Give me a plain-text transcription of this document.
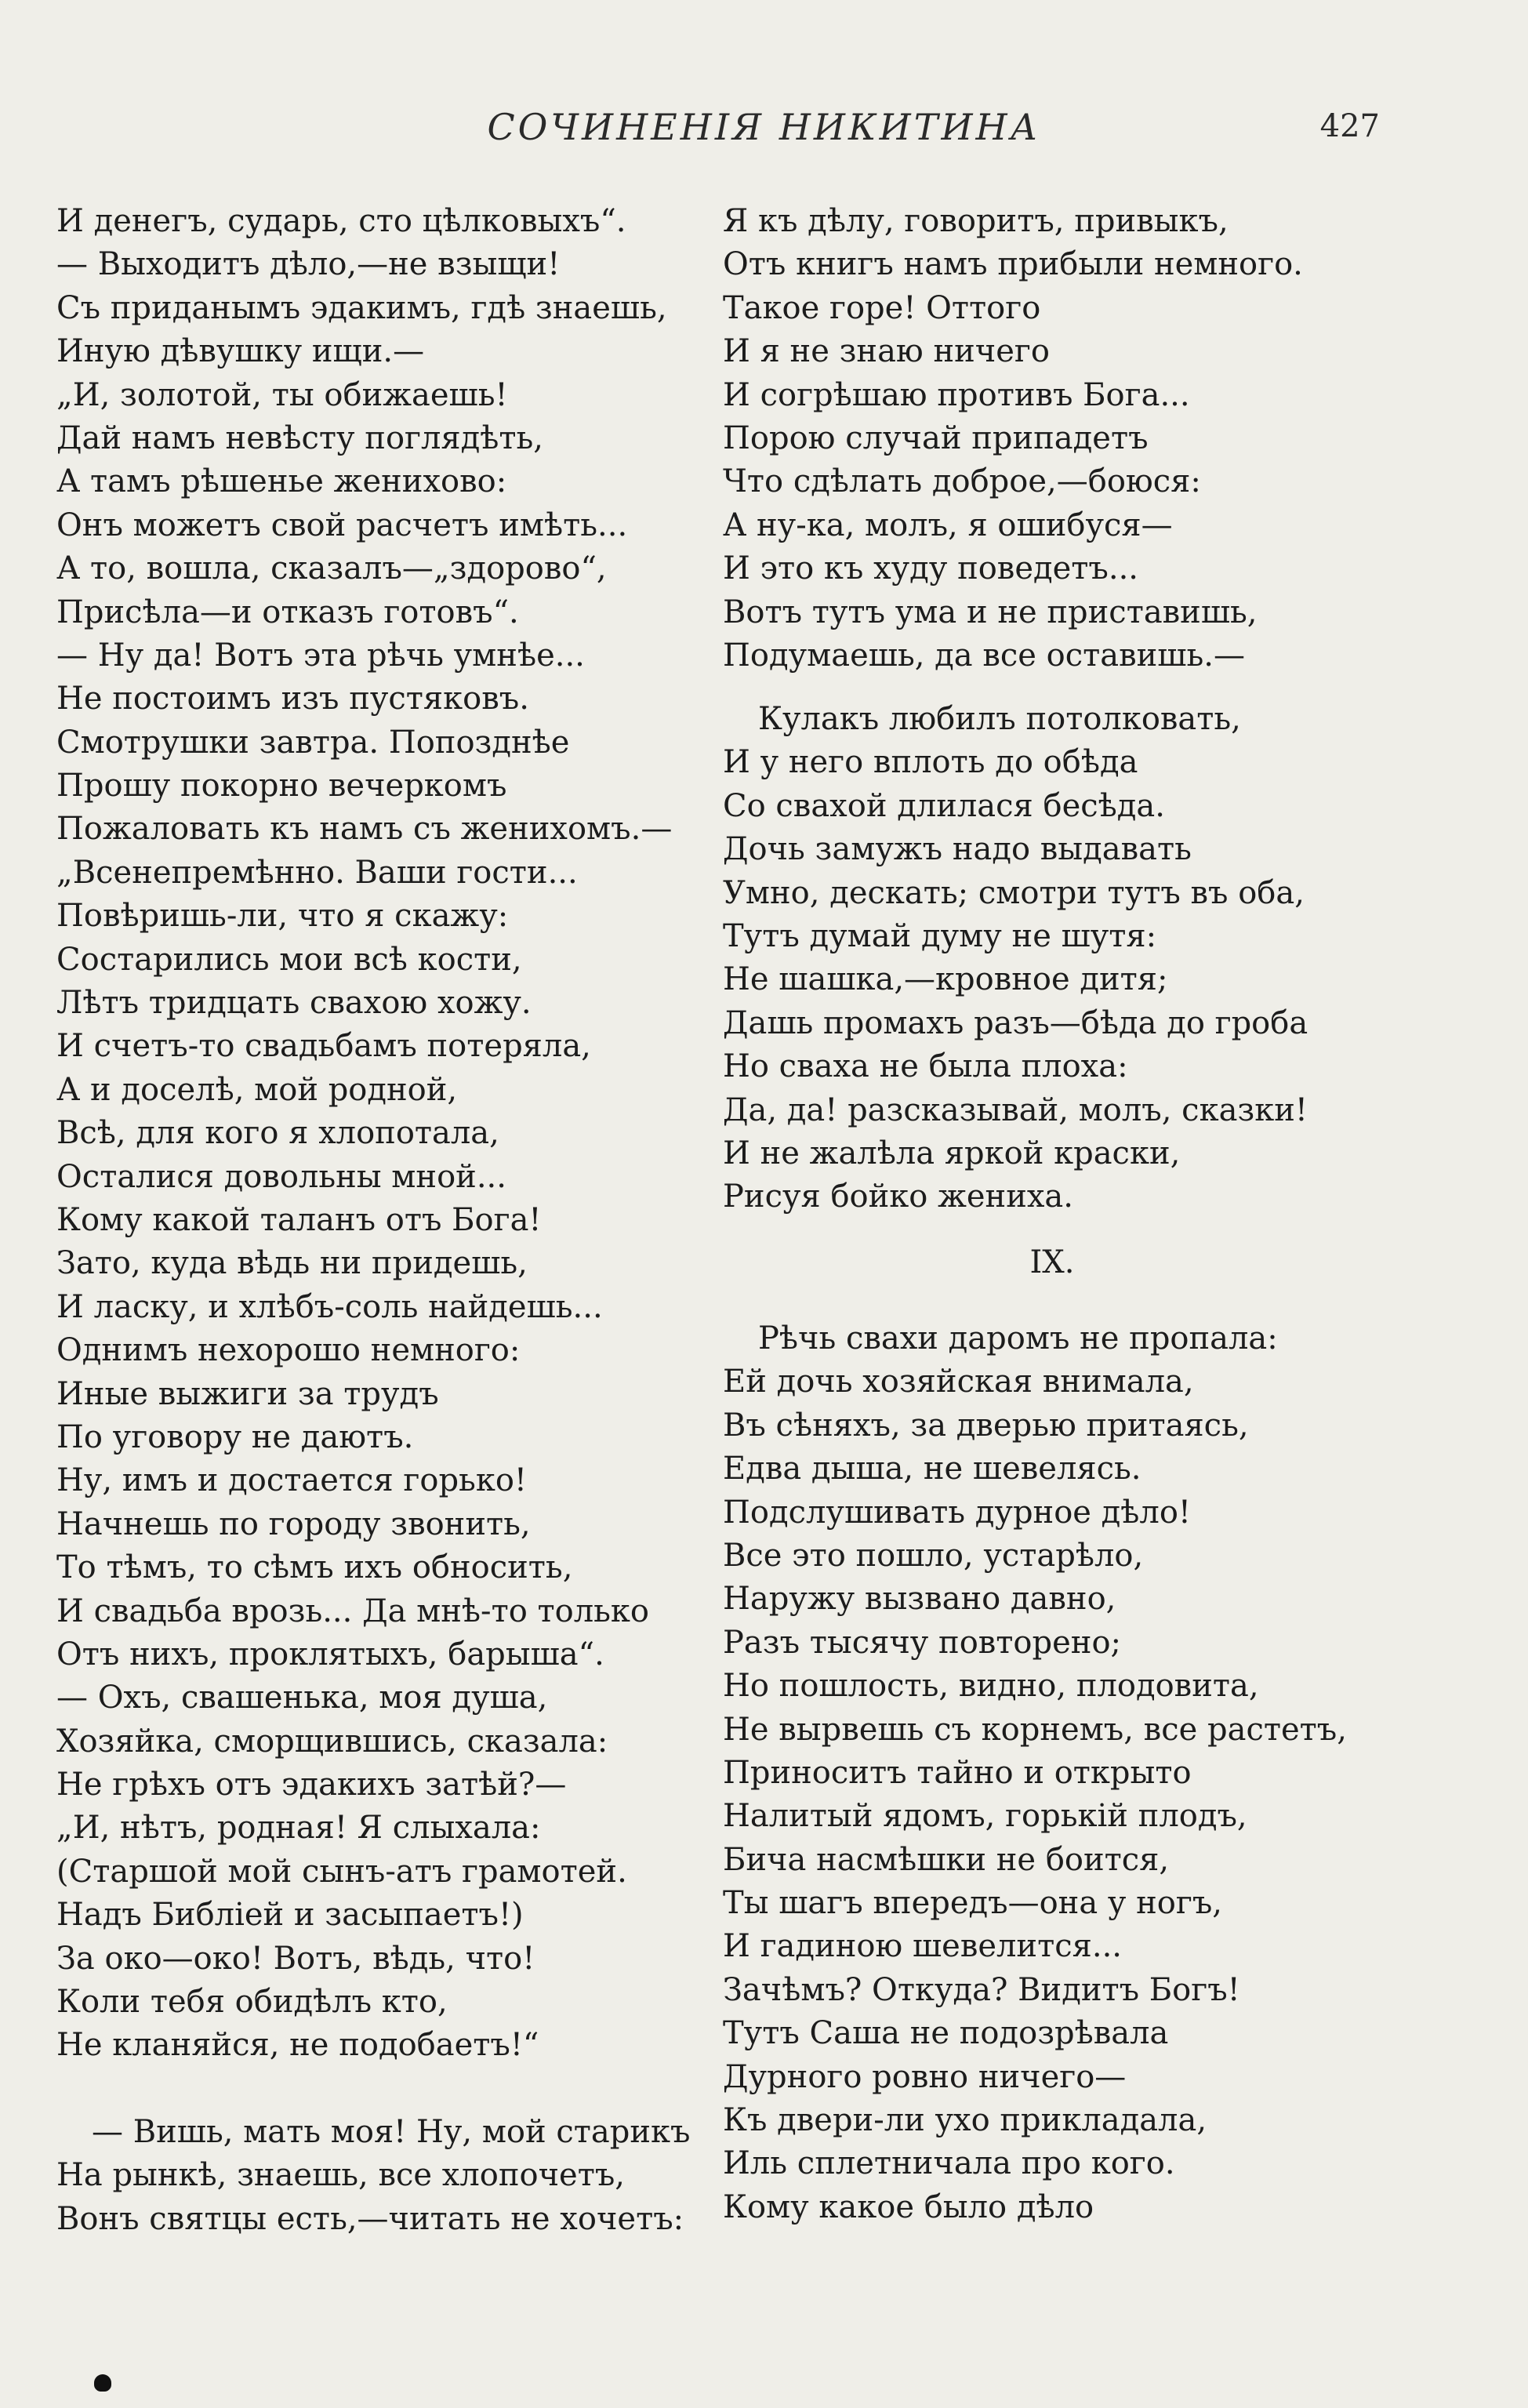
СОЧИНЕНІЯ НИКИТИНА	427
И денегъ, сударь, сто цѣлковыхъ“.
— Выходитъ дѣло,—не взыщи!
Съ приданымъ эдакимъ, гдѣ знаешь,
Иную дѣвушку ищи.—
„И, золотой, ты обижаешь!
Дай намъ невѣсту поглядѣть,
А тамъ рѣшенье жениховo:
Онъ можетъ свой расчетъ имѣть...
А то, вошла, сказалъ—„здорово“,
Присѣла—и отказъ готовъ“.
— Ну да! Вотъ эта рѣчь умнѣе...
Не постоимъ изъ пустяковъ.
Смотрушки завтра. Попозднѣе
Прошу покорно вечеркомъ
Пожаловать къ намъ съ женихомъ.—
„Всенепремѣнно. Ваши гости...
Повѣришь-ли, что я скажу:
Состарились мои всѣ кости,
Лѣтъ тридцать свахою хожу.
И счетъ-то свадьбамъ потеряла,
А и доселѣ, мой родной,
Всѣ, для кого я хлопотала,
Осталися довольны мной...
Кому какой таланъ отъ Бога!
Зато, куда вѣдь ни придешь,
И ласку, и хлѣбъ-соль найдешь...
Однимъ нехорошо немного:
Иные выжиги за трудъ
По уговору не даютъ.
Ну, имъ и достается горько!
Начнешь по городу звонить,
То тѣмъ, то сѣмъ ихъ обносить,
И свадьба врозь... Да мнѣ-то только
Отъ нихъ, проклятыхъ, барыша“.
— Охъ, свашенька, моя душа,
Хозяйка, сморщившись, сказала:
Не грѣхъ отъ эдакихъ затѣй?—
„И, нѣтъ, родная! Я слыхала:
(Старшой мой сынъ-атъ грамотей.
Надъ Библіей и засыпаетъ!)
За око—око! Вотъ, вѣдь, что!
Коли тебя обидѣлъ кто,
Не кланяйся, не подобаетъ!“
— Вишь, мать моя! Ну, мой старикъ
На рынкѣ, знаешь, все хлопочетъ,
Вонъ святцы есть,—читать не хочетъ:
Я къ дѣлу, говоритъ, привыкъ,
Отъ книгъ намъ прибыли немного.
Такое горе! Оттого
И я не знаю ничего
И согрѣшаю противъ Бога...
Порою случай припадетъ
Что сдѣлать доброе,—боюся:
А ну-ка, молъ, я ошибуся—
И это къ худу поведетъ...
Вотъ тутъ ума и не приставишь,
Подумаешь, да все оставишь.—
Кулакъ любилъ потолковать,
И у него вплоть до обѣда
Со свахой длилася бесѣда.
Дочь замужъ надо выдавать
Умно, дескать; смотри тутъ въ оба,
Тутъ думай думу не шутя:
Не шашка,—кровное дитя;
Дашь промахъ разъ—бѣда до гроба
Но сваха не была плоха:
Да, да! разсказывай, молъ, сказки!
И не жалѣла яркой краски,
Рисуя бойко жениха.
IX.
Рѣчь свахи даромъ не пропала:
Ей дочь хозяйская внимала,
Въ сѣняхъ, за дверью притаясь,
Едва дыша, не шевелясь.
Подслушивать дурное дѣло!
Все это пошло, устарѣло,
Наружу вызвано давно,
Разъ тысячу повторено;
Но пошлость, видно, плодовита,
Не вырвешь съ корнемъ, все растетъ,
Приноситъ тайно и открыто
Налитый ядомъ, горькій плодъ,
Бича насмѣшки не боится,
Ты шагъ впередъ—она у ногъ,
И гадиною шевелится...
Зачѣмъ? Откуда? Видитъ Богъ!
Тутъ Саша не подозрѣвала
Дурного ровно ничего—
Къ двери-ли ухо прикладала,
Иль сплетничала про кого.
Кому какое было дѣло
